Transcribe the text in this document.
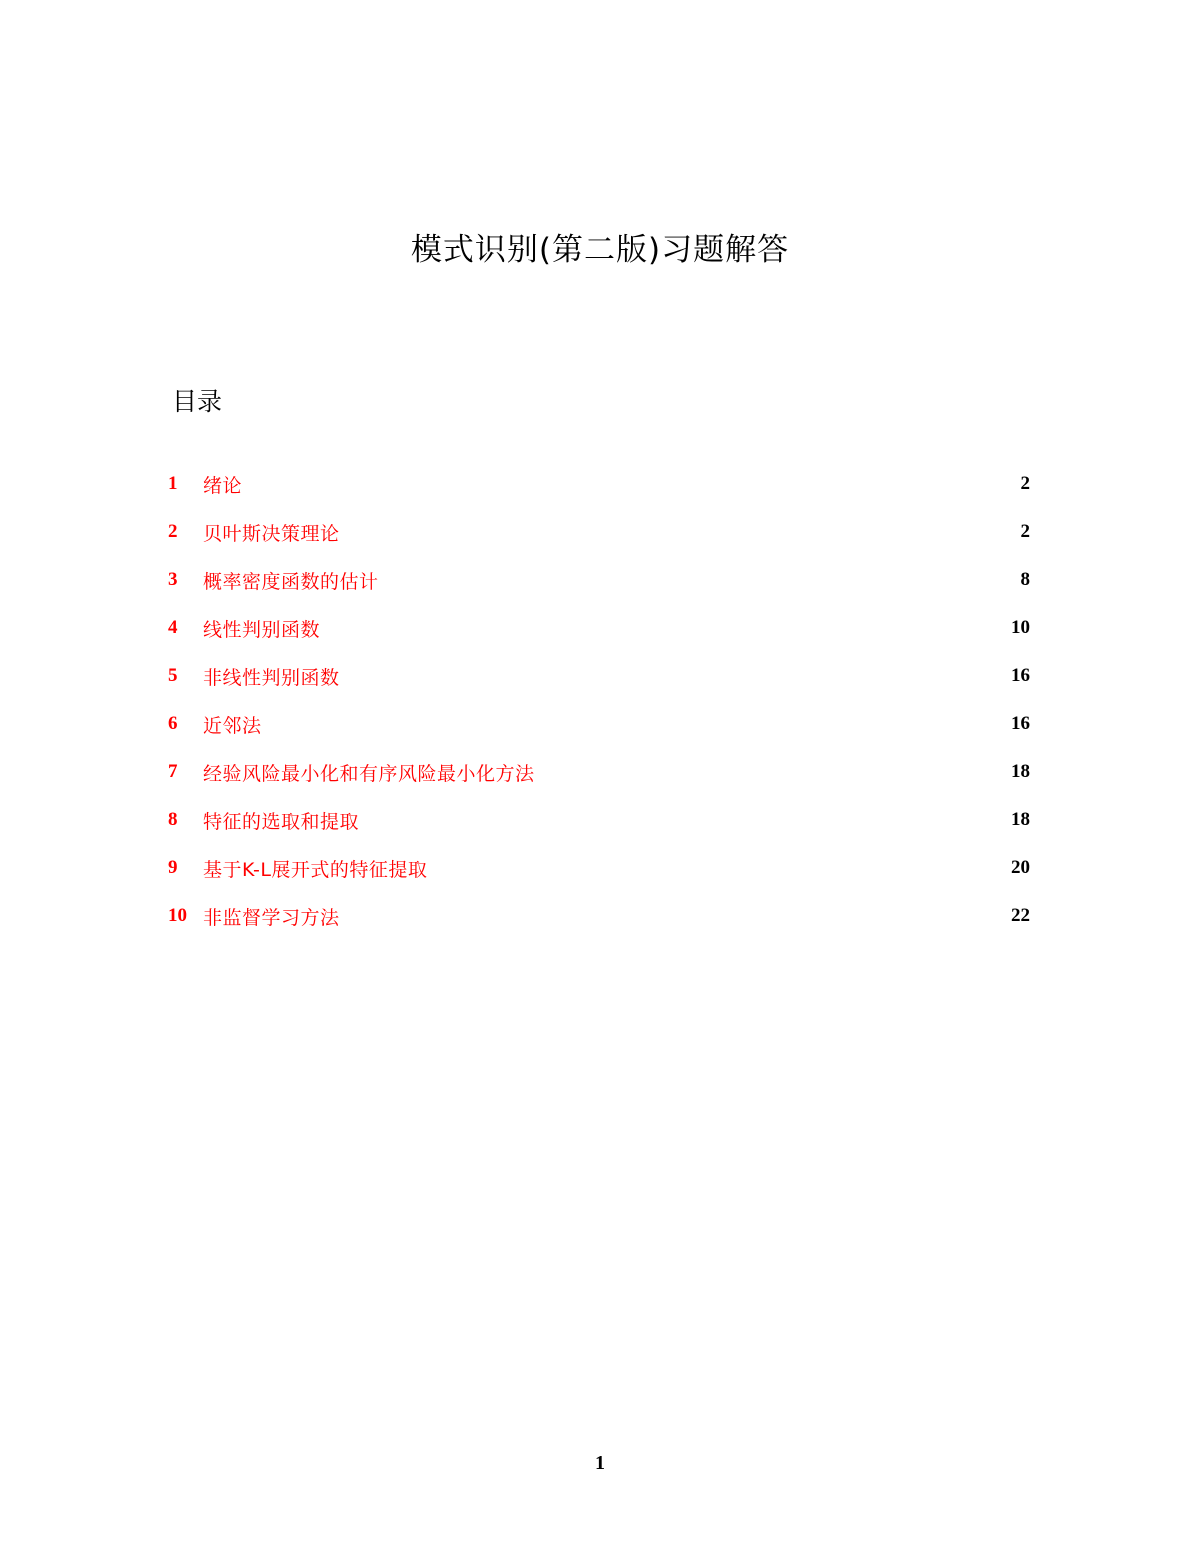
模式识别(第二版)习题解答
目录
1	绪论	2
2	贝叶斯决策理论	2
3	概率密度函数的估计	8
4	线性判别函数	10
5	非线性判别函数	16
6	近邻法	16
7	经验风险最小化和有序风险最小化方法	18
8	特征的选取和提取	18
9	基于K-L展开式的特征提取	20
10 非监督学习方法	22
1
